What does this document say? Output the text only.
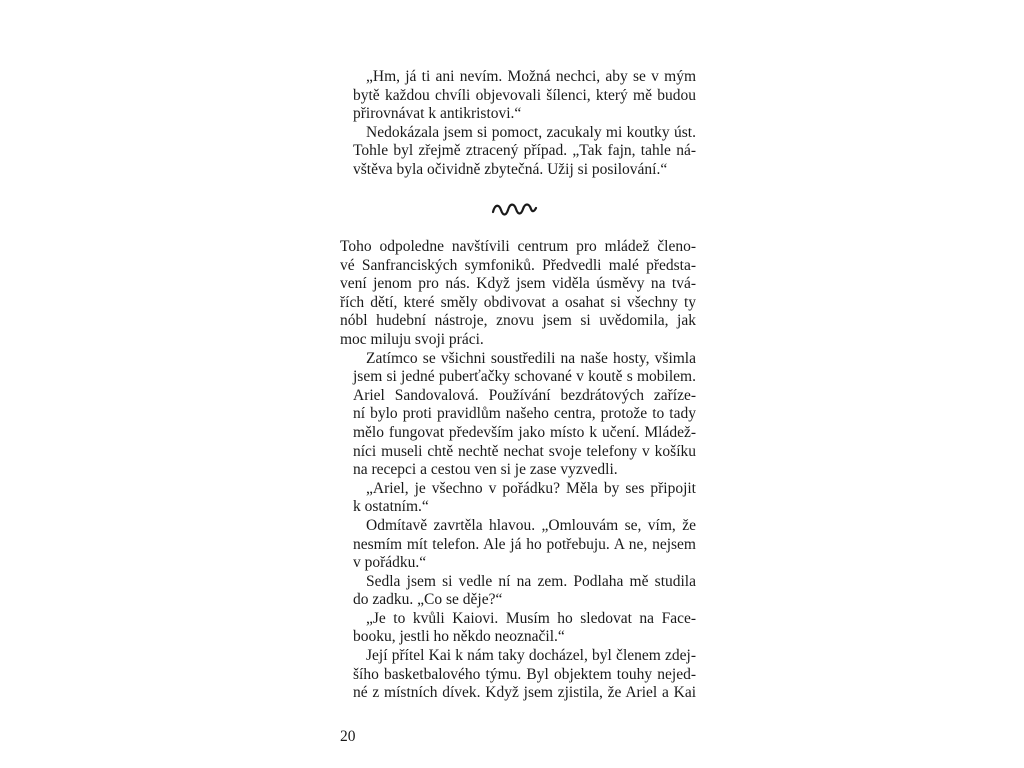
„Hm, já ti ani nevím. Možná nechci, aby se v mým
bytě každou chvíli objevovali šílenci, který mě budou
přirovnávat k antikristovi.“

Nedokázala jsem si pomoct, zacukaly mi koutky úst.
Tohle byl zřejmě ztracený případ. „Tak fajn, tahle ná-
vštěva byla očividně zbytečná. Užij si posilování.“

Toho odpoledne navštívili centrum pro mládež členo-
vé Sanfranciských symfoniků. Předvedli malé předsta-
vení jenom pro nás. Když jsem viděla úsměvy na tvá-
řích dětí, které směly obdivovat a osahat si všechny ty
nóbl hudební nástroje, znovu jsem si uvědomila, jak
moc miluju svoji práci.

Zatímco se všichni soustředili na naše hosty, všimla
jsem si jedné puberťačky schované v koutě s mobilem.
Ariel Sandovalová. Používání bezdrátových zaříze-
ní bylo proti pravidlům našeho centra, protože to tady
mělo fungovat především jako místo k učení. Mládež-
níci museli chtě nechtě nechat svoje telefony v košíku
na recepci a cestou ven si je zase vyzvedli.

„Ariel, je všechno v pořádku? Měla by ses připojit
k ostatním.“

Odmítavě zavrtěla hlavou. „Omlouvám se, vím, že
nesmím mít telefon. Ale já ho potřebuju. A ne, nejsem
v pořádku.“

Sedla jsem si vedle ní na zem. Podlaha mě studila
do zadku. „Co se děje?“

„Je to kvůli Kaiovi. Musím ho sledovat na Face-
booku, jestli ho někdo neoznačil.“

Její přítel Kai k nám taky docházel, byl členem zdej-
šího basketbalového týmu. Byl objektem touhy nejed-
né z místních dívek. Když jsem zjistila, že Ariel a Kai

20
